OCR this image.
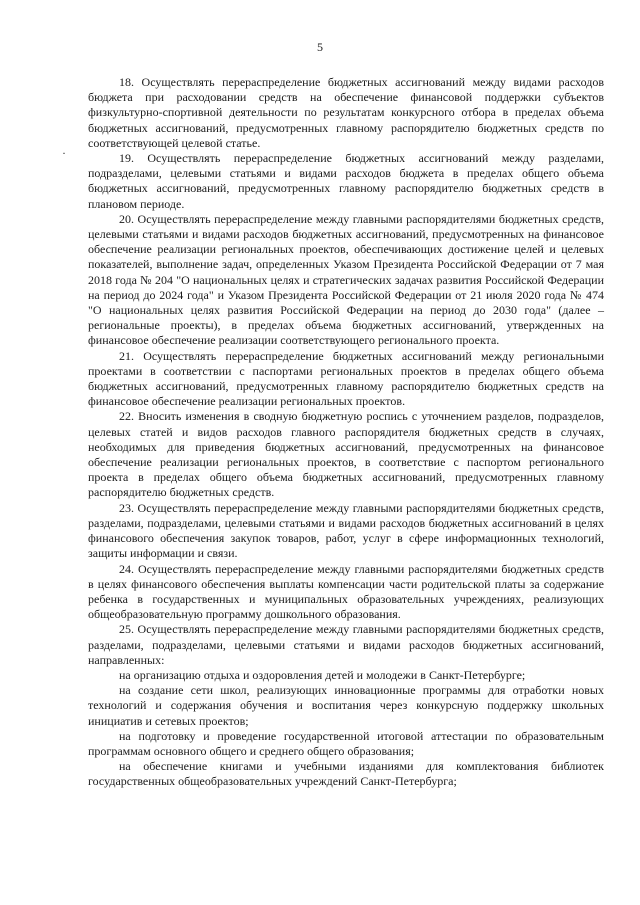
5
·

18. Осуществлять перераспределение бюджетных ассигнований между видами расходов бюджета при расходовании средств на обеспечение финансовой поддержки субъектов физкультурно-спортивной деятельности по результатам конкурсного отбора в пределах объема бюджетных ассигнований, предусмотренных главному распорядителю бюджетных средств по соответствующей целевой статье.

19. Осуществлять перераспределение бюджетных ассигнований между разделами, подразделами, целевыми статьями и видами расходов бюджета в пределах общего объема бюджетных ассигнований, предусмотренных главному распорядителю бюджетных средств в плановом периоде.

20. Осуществлять перераспределение между главными распорядителями бюджетных средств, целевыми статьями и видами расходов бюджетных ассигнований, предусмотренных на финансовое обеспечение реализации региональных проектов, обеспечивающих достижение целей и целевых показателей, выполнение задач, определенных Указом Президента Российской Федерации от 7 мая 2018 года № 204 "О национальных целях и стратегических задачах развития Российской Федерации на период до 2024 года" и Указом Президента Российской Федерации от 21 июля 2020 года № 474 "О национальных целях развития Российской Федерации на период до 2030 года" (далее – региональные проекты), в пределах объема бюджетных ассигнований, утвержденных на финансовое обеспечение реализации соответствующего регионального проекта.

21. Осуществлять перераспределение бюджетных ассигнований между региональными проектами в соответствии с паспортами региональных проектов в пределах общего объема бюджетных ассигнований, предусмотренных главному распорядителю бюджетных средств на финансовое обеспечение реализации региональных проектов.

22. Вносить изменения в сводную бюджетную роспись с уточнением разделов, подразделов, целевых статей и видов расходов главного распорядителя бюджетных средств в случаях, необходимых для приведения бюджетных ассигнований, предусмотренных на финансовое обеспечение реализации региональных проектов, в соответствие с паспортом регионального проекта в пределах общего объема бюджетных ассигнований, предусмотренных главному распорядителю бюджетных средств.

23. Осуществлять перераспределение между главными распорядителями бюджетных средств, разделами, подразделами, целевыми статьями и видами расходов бюджетных ассигнований в целях финансового обеспечения закупок товаров, работ, услуг в сфере информационных технологий, защиты информации и связи.

24. Осуществлять перераспределение между главными распорядителями бюджетных средств в целях финансового обеспечения выплаты компенсации части родительской платы за содержание ребенка в государственных и муниципальных образовательных учреждениях, реализующих общеобразовательную программу дошкольного образования.

25. Осуществлять перераспределение между главными распорядителями бюджетных средств, разделами, подразделами, целевыми статьями и видами расходов бюджетных ассигнований, направленных:

на организацию отдыха и оздоровления детей и молодежи в Санкт-Петербурге;

на создание сети школ, реализующих инновационные программы для отработки новых технологий и содержания обучения и воспитания через конкурсную поддержку школьных инициатив и сетевых проектов;

на подготовку и проведение государственной итоговой аттестации по образовательным программам основного общего и среднего общего образования;

на обеспечение книгами и учебными изданиями для комплектования библиотек государственных общеобразовательных учреждений Санкт-Петербурга;
